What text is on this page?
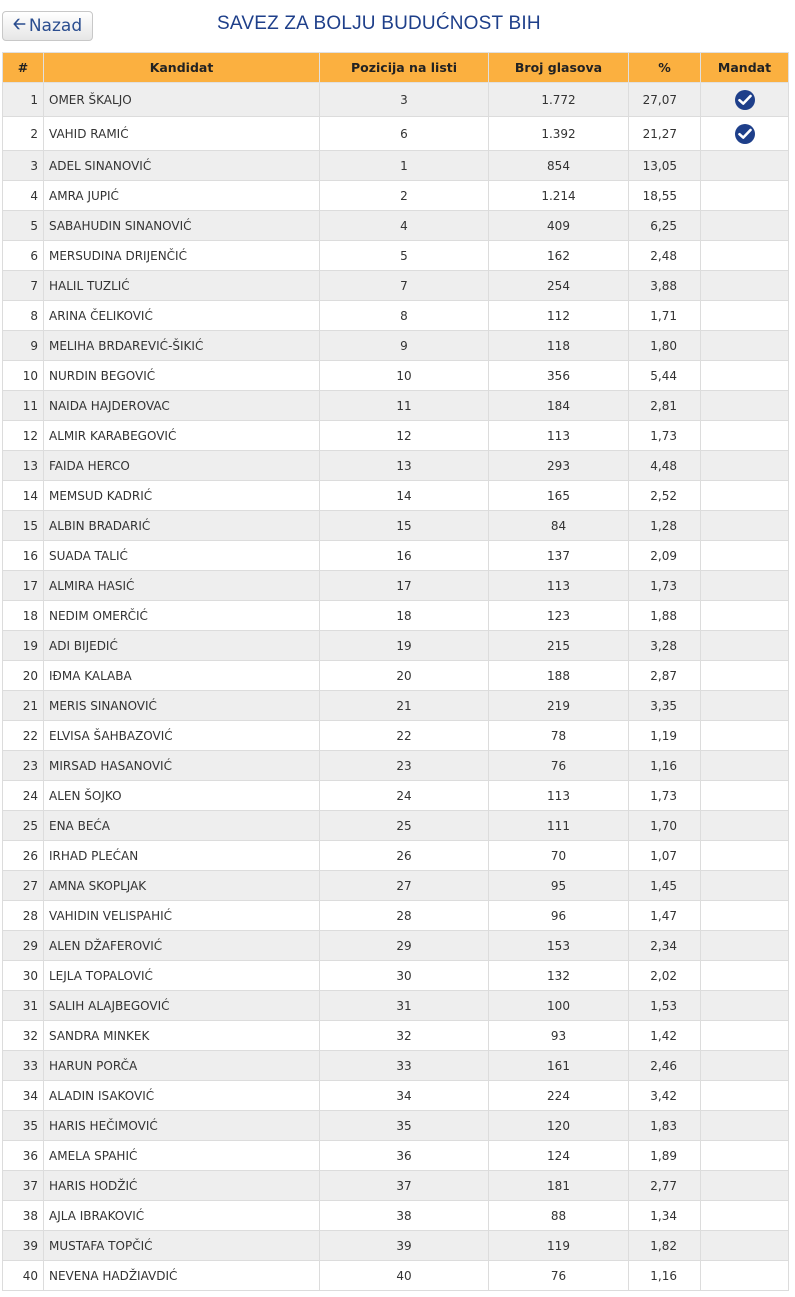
🡠 Nazad	SAVEZ ZA BOLJU BUDUĆNOST BIH
#	Kandidat	Pozicija na listi	Broj glasova	%	Mandat
1	OMER ŠKALJO	3	1.772	27,07	

2	VAHID RAMIĆ	6	1.392	21,27	

3	ADEL SINANOVIĆ	1	854	13,05	
4	AMRA JUPIĆ	2	1.214	18,55	
5	SABAHUDIN SINANOVIĆ	4	409	6,25	
6	MERSUDINA DRIJENČIĆ	5	162	2,48	
7	HALIL TUZLIĆ	7	254	3,88	
8	ARINA ČELIKOVIĆ	8	112	1,71	
9	MELIHA BRDAREVIĆ-ŠIKIĆ	9	118	1,80	
10	NURDIN BEGOVIĆ	10	356	5,44	
11	NAIDA HAJDEROVAC	11	184	2,81	
12	ALMIR KARABEGOVIĆ	12	113	1,73	
13	FAIDA HERCO	13	293	4,48	
14	MEMSUD KADRIĆ	14	165	2,52	
15	ALBIN BRADARIĆ	15	84	1,28	
16	SUADA TALIĆ	16	137	2,09	
17	ALMIRA HASIĆ	17	113	1,73	
18	NEDIM OMERČIĆ	18	123	1,88	
19	ADI BIJEDIĆ	19	215	3,28	
20	IĐMA KALABA	20	188	2,87	
21	MERIS SINANOVIĆ	21	219	3,35	
22	ELVISA ŠAHBAZOVIĆ	22	78	1,19	
23	MIRSAD HASANOVIĆ	23	76	1,16	
24	ALEN ŠOJKO	24	113	1,73	
25	ENA BEĆA	25	111	1,70	
26	IRHAD PLEĆAN	26	70	1,07	
27	AMNA SKOPLJAK	27	95	1,45	
28	VAHIDIN VELISPAHIĆ	28	96	1,47	
29	ALEN DŽAFEROVIĆ	29	153	2,34	
30	LEJLA TOPALOVIĆ	30	132	2,02	
31	SALIH ALAJBEGOVIĆ	31	100	1,53	
32	SANDRA MINKEK	32	93	1,42	
33	HARUN PORČA	33	161	2,46	
34	ALADIN ISAKOVIĆ	34	224	3,42	
35	HARIS HEČIMOVIĆ	35	120	1,83	
36	AMELA SPAHIĆ	36	124	1,89	
37	HARIS HODŽIĆ	37	181	2,77	
38	AJLA IBRAKOVIĆ	38	88	1,34	
39	MUSTAFA TOPČIĆ	39	119	1,82	
40	NEVENA HADŽIAVDIĆ	40	76	1,16	
